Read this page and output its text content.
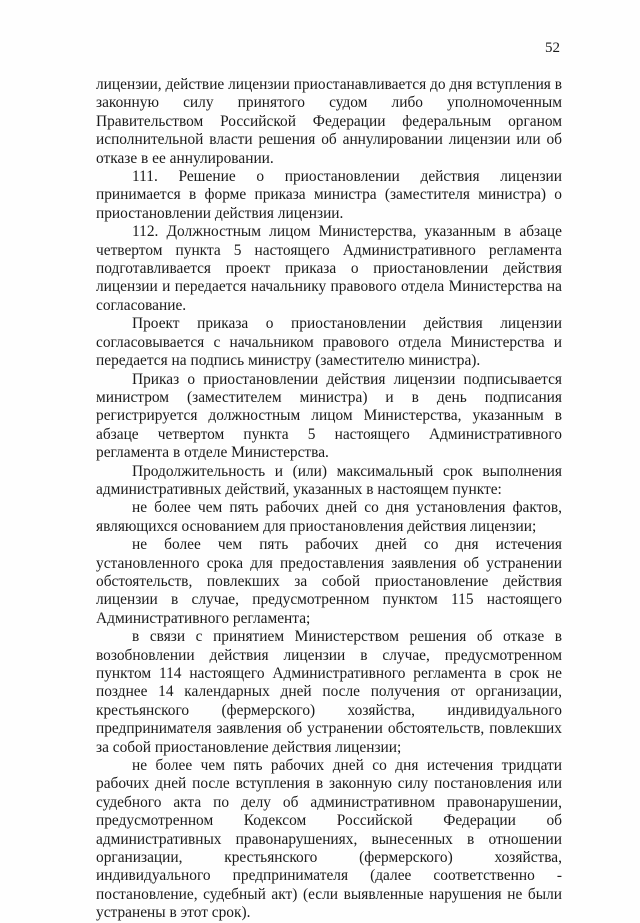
52

лицензии, действие лицензии приостанавливается до дня вступления в законную силу принятого судом либо уполномоченным Правительством Российской Федерации федеральным органом исполнительной власти решения об аннулировании лицензии или об отказе в ее аннулировании.

111. Решение о приостановлении действия лицензии принимается в форме приказа министра (заместителя министра) о приостановлении действия лицензии.

112. Должностным лицом Министерства, указанным в абзаце четвертом пункта 5 настоящего Административного регламента подготавливается проект приказа о приостановлении действия лицензии и передается начальнику правового отдела Министерства на согласование.

Проект приказа о приостановлении действия лицензии согласовывается с начальником правового отдела Министерства и передается на подпись министру (заместителю министра).

Приказ о приостановлении действия лицензии подписывается министром (заместителем министра) и в день подписания регистрируется должностным лицом Министерства, указанным в абзаце четвертом пункта 5 настоящего Административного регламента в отделе Министерства.

Продолжительность и (или) максимальный срок выполнения административных действий, указанных в настоящем пункте:

не более чем пять рабочих дней со дня установления фактов, являющихся основанием для приостановления действия лицензии;

не более чем пять рабочих дней со дня истечения установленного срока для предоставления заявления об устранении обстоятельств, повлекших за собой приостановление действия лицензии в случае, предусмотренном пунктом 115 настоящего Административного регламента;

в связи с принятием Министерством решения об отказе в возобновлении действия лицензии в случае, предусмотренном пунктом 114 настоящего Административного регламента в срок не позднее 14 календарных дней после получения от организации, крестьянского (фермерского) хозяйства, индивидуального предпринимателя заявления об устранении обстоятельств, повлекших за собой приостановление действия лицензии;

не более чем пять рабочих дней со дня истечения тридцати рабочих дней после вступления в законную силу постановления или судебного акта по делу об административном правонарушении, предусмотренном Кодексом Российской Федерации об административных правонарушениях, вынесенных в отношении организации, крестьянского (фермерского) хозяйства, индивидуального предпринимателя (далее соответственно - постановление, судебный акт) (если выявленные нарушения не были устранены в этот срок).
